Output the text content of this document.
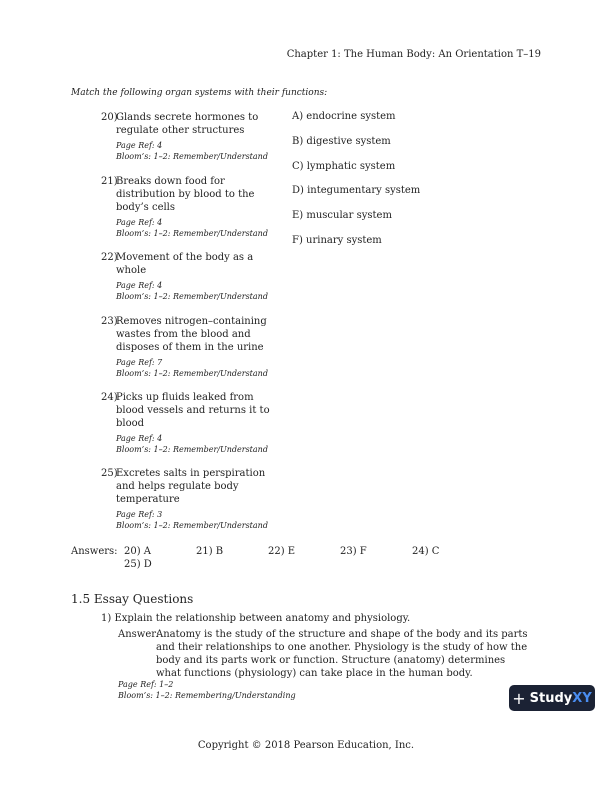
Chapter 1: The Human Body: An Orientation T–19
Match the following organ systems with their functions:
20)
Glands secrete hormones to regulate other structures
Page Ref: 4
Bloom’s: 1–2: Remember/Understand
21)
Breaks down food for distribution by blood to the body’s cells
Page Ref: 4
Bloom’s: 1–2: Remember/Understand
22)
Movement of the body as a whole
Page Ref: 4
Bloom’s: 1–2: Remember/Understand
23)
Removes nitrogen–containing wastes from the blood and disposes of them in the urine
Page Ref: 7
Bloom’s: 1–2: Remember/Understand
24)
Picks up fluids leaked from blood vessels and returns it to blood
Page Ref: 4
Bloom’s: 1–2: Remember/Understand
25)
Excretes salts in perspiration and helps regulate body temperature
Page Ref: 3
Bloom’s: 1–2: Remember/Understand
A) endocrine system
B) digestive system
C) lymphatic system
D) integumentary system
E) muscular system
F) urinary system
Answers: 20) A	21) B	22) E	23) F	24) C
25) D
1.5 Essay Questions
1) Explain the relationship between anatomy and physiology.
Answer:
Anatomy is the study of the structure and shape of the body and its parts and their relationships to one another. Physiology is the study of how the body and its parts work or function. Structure (anatomy) determines what functions (physiology) can take place in the human body.
Page Ref: 1–2
Bloom’s: 1–2: Remembering/Understanding	+ StudyXY
Copyright © 2018 Pearson Education, Inc.
